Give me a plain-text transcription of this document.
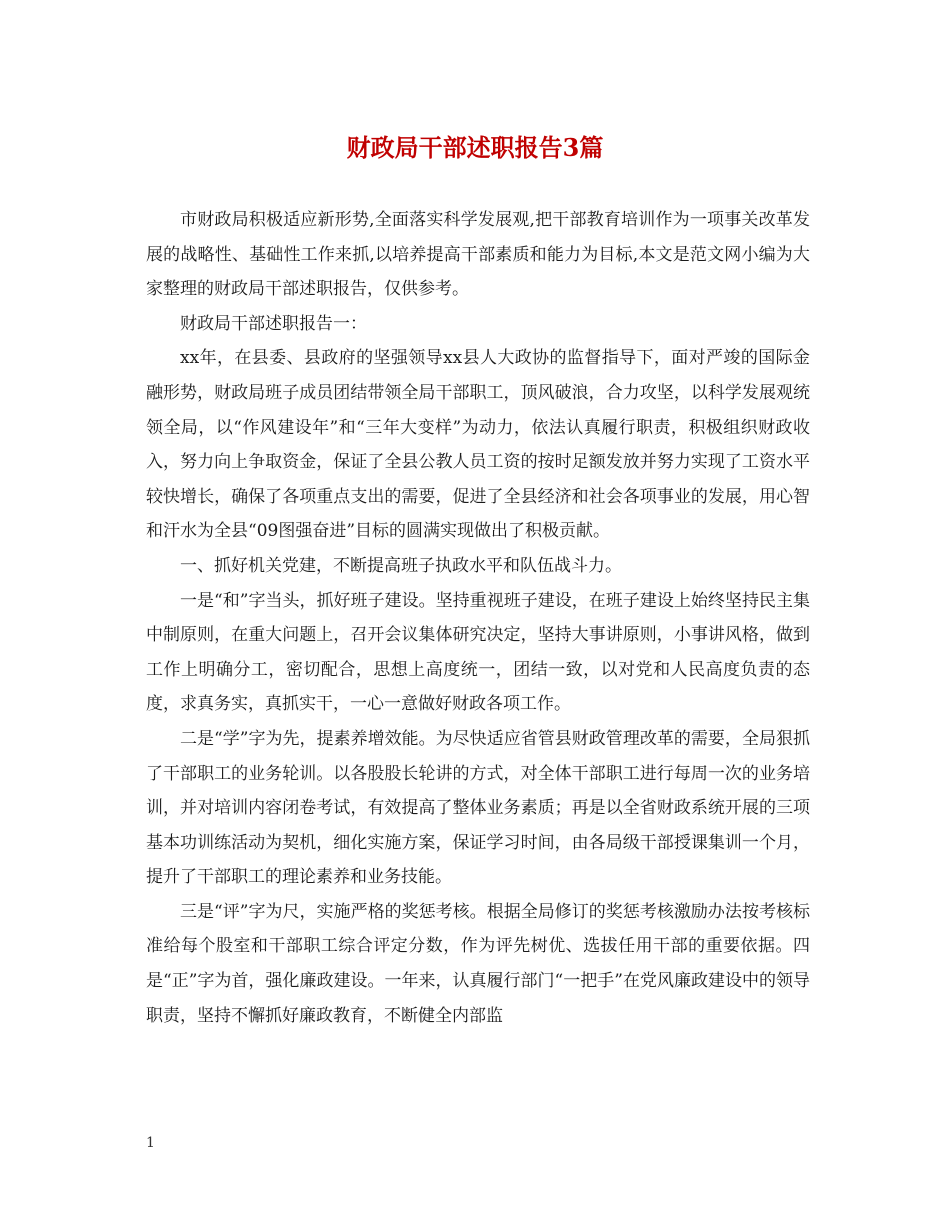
财政局干部述职报告3篇

市财政局积极适应新形势,全面落实科学发展观,把干部教育培训作为一项事关改革发展的战略性、基础性工作来抓,以培养提高干部素质和能力为目标,本文是范文网小编为大家整理的财政局干部述职报告，仅供参考。

财政局干部述职报告一：

xx年，在县委、县政府的坚强领导xx县人大政协的监督指导下，面对严竣的国际金融形势，财政局班子成员团结带领全局干部职工，顶风破浪，合力攻坚，以科学发展观统领全局，以“作风建设年”和“三年大变样”为动力，依法认真履行职责，积极组织财政收入，努力向上争取资金，保证了全县公教人员工资的按时足额发放并努力实现了工资水平较快增长，确保了各项重点支出的需要，促进了全县经济和社会各项事业的发展，用心智和汗水为全县“09图强奋进”目标的圆满实现做出了积极贡献。

一、抓好机关党建，不断提高班子执政水平和队伍战斗力。

一是“和”字当头，抓好班子建设。坚持重视班子建设，在班子建设上始终坚持民主集中制原则，在重大问题上，召开会议集体研究决定，坚持大事讲原则，小事讲风格，做到工作上明确分工，密切配合，思想上高度统一，团结一致，以对党和人民高度负责的态度，求真务实，真抓实干，一心一意做好财政各项工作。

二是“学”字为先，提素养增效能。为尽快适应省管县财政管理改革的需要，全局狠抓了干部职工的业务轮训。以各股股长轮讲的方式，对全体干部职工进行每周一次的业务培训，并对培训内容闭卷考试，有效提高了整体业务素质；再是以全省财政系统开展的三项基本功训练活动为契机，细化实施方案，保证学习时间，由各局级干部授课集训一个月，提升了干部职工的理论素养和业务技能。

三是“评”字为尺，实施严格的奖惩考核。根据全局修订的奖惩考核激励办法按考核标准给每个股室和干部职工综合评定分数，作为评先树优、选拔任用干部的重要依据。四是“正”字为首，强化廉政建设。一年来，认真履行部门“一把手”在党风廉政建设中的领导职责，坚持不懈抓好廉政教育，不断健全内部监

1
